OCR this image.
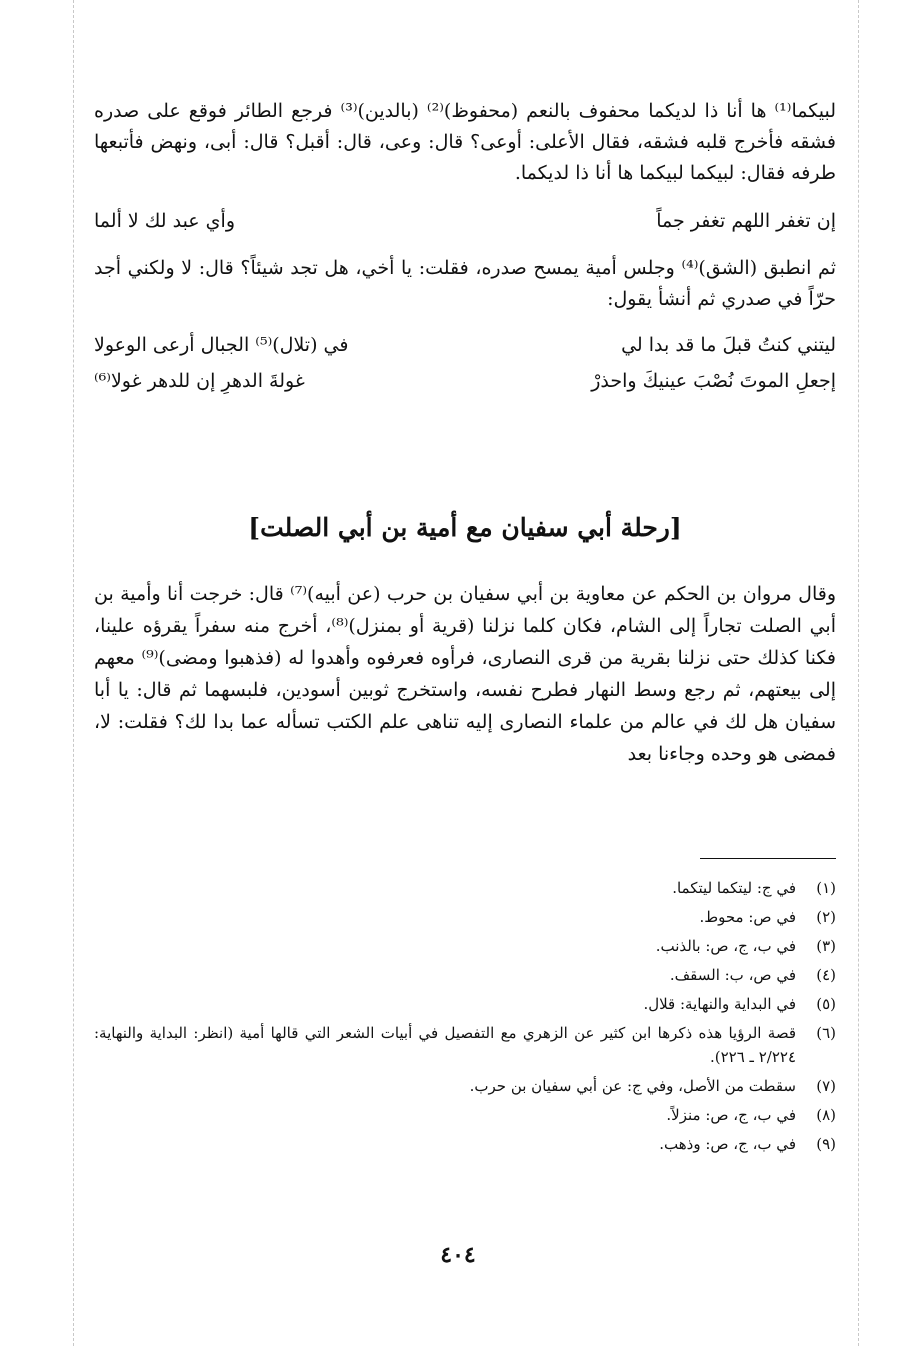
لبيكما⁽¹⁾ ها أنا ذا لديكما محفوف بالنعم (محفوظ)⁽²⁾ (بالدين)⁽³⁾ فرجع الطائر فوقع على صدره فشقه فأخرج قلبه فشقه، فقال الأعلى: أوعى؟ قال: وعى، قال: أقبل؟ قال: أبى، ونهض فأتبعها طرفه فقال: لبيكما لبيكما ها أنا ذا لديكما.

إن تغفر اللهم تغفر جماً
وأي عبد لك لا ألما

ثم انطبق (الشق)⁽⁴⁾ وجلس أمية يمسح صدره، فقلت: يا أخي، هل تجد شيئاً؟ قال: لا ولكني أجد حرّاً في صدري ثم أنشأ يقول:

ليتني كنتُ قبلَ ما قد بدا لي
في (تلال)⁽⁵⁾ الجبال أرعى الوعولا
إجعلِ الموتَ نُصْبَ عينيكَ واحذرْ
غولةَ الدهرِ إن للدهر غولا⁽⁶⁾
[رحلة أبي سفيان مع أمية بن أبي الصلت]

وقال مروان بن الحكم عن معاوية بن أبي سفيان بن حرب (عن أبيه)⁽⁷⁾ قال: خرجت أنا وأمية بن أبي الصلت تجاراً إلى الشام، فكان كلما نزلنا (قرية أو بمنزل)⁽⁸⁾، أخرج منه سفراً يقرؤه علينا، فكنا كذلك حتى نزلنا بقرية من قرى النصارى، فرأوه فعرفوه وأهدوا له (فذهبوا ومضى)⁽⁹⁾ معهم إلى بيعتهم، ثم رجع وسط النهار فطرح نفسه، واستخرج ثوبين أسودين، فلبسهما ثم قال: يا أبا سفيان هل لك في عالم من علماء النصارى إليه تناهى علم الكتب تسأله عما بدا لك؟ فقلت: لا، فمضى هو وحده وجاءنا بعد

(١)
في ج: ليتكما ليتكما.
(٢)
في ص: محوط.
(٣)
في ب، ج، ص: بالذنب.
(٤)
في ص، ب: السقف.
(٥)
في البداية والنهاية: قلال.
(٦)
قصة الرؤيا هذه ذكرها ابن كثير عن الزهري مع التفصيل في أبيات الشعر التي قالها أمية (انظر: البداية والنهاية: ٢/٢٢٤ ـ ٢٢٦).
(٧)
سقطت من الأصل، وفي ج: عن أبي سفيان بن حرب.
(٨)
في ب، ج، ص: منزلاً.
(٩)
في ب، ج، ص: وذهب.
٤٠٤
